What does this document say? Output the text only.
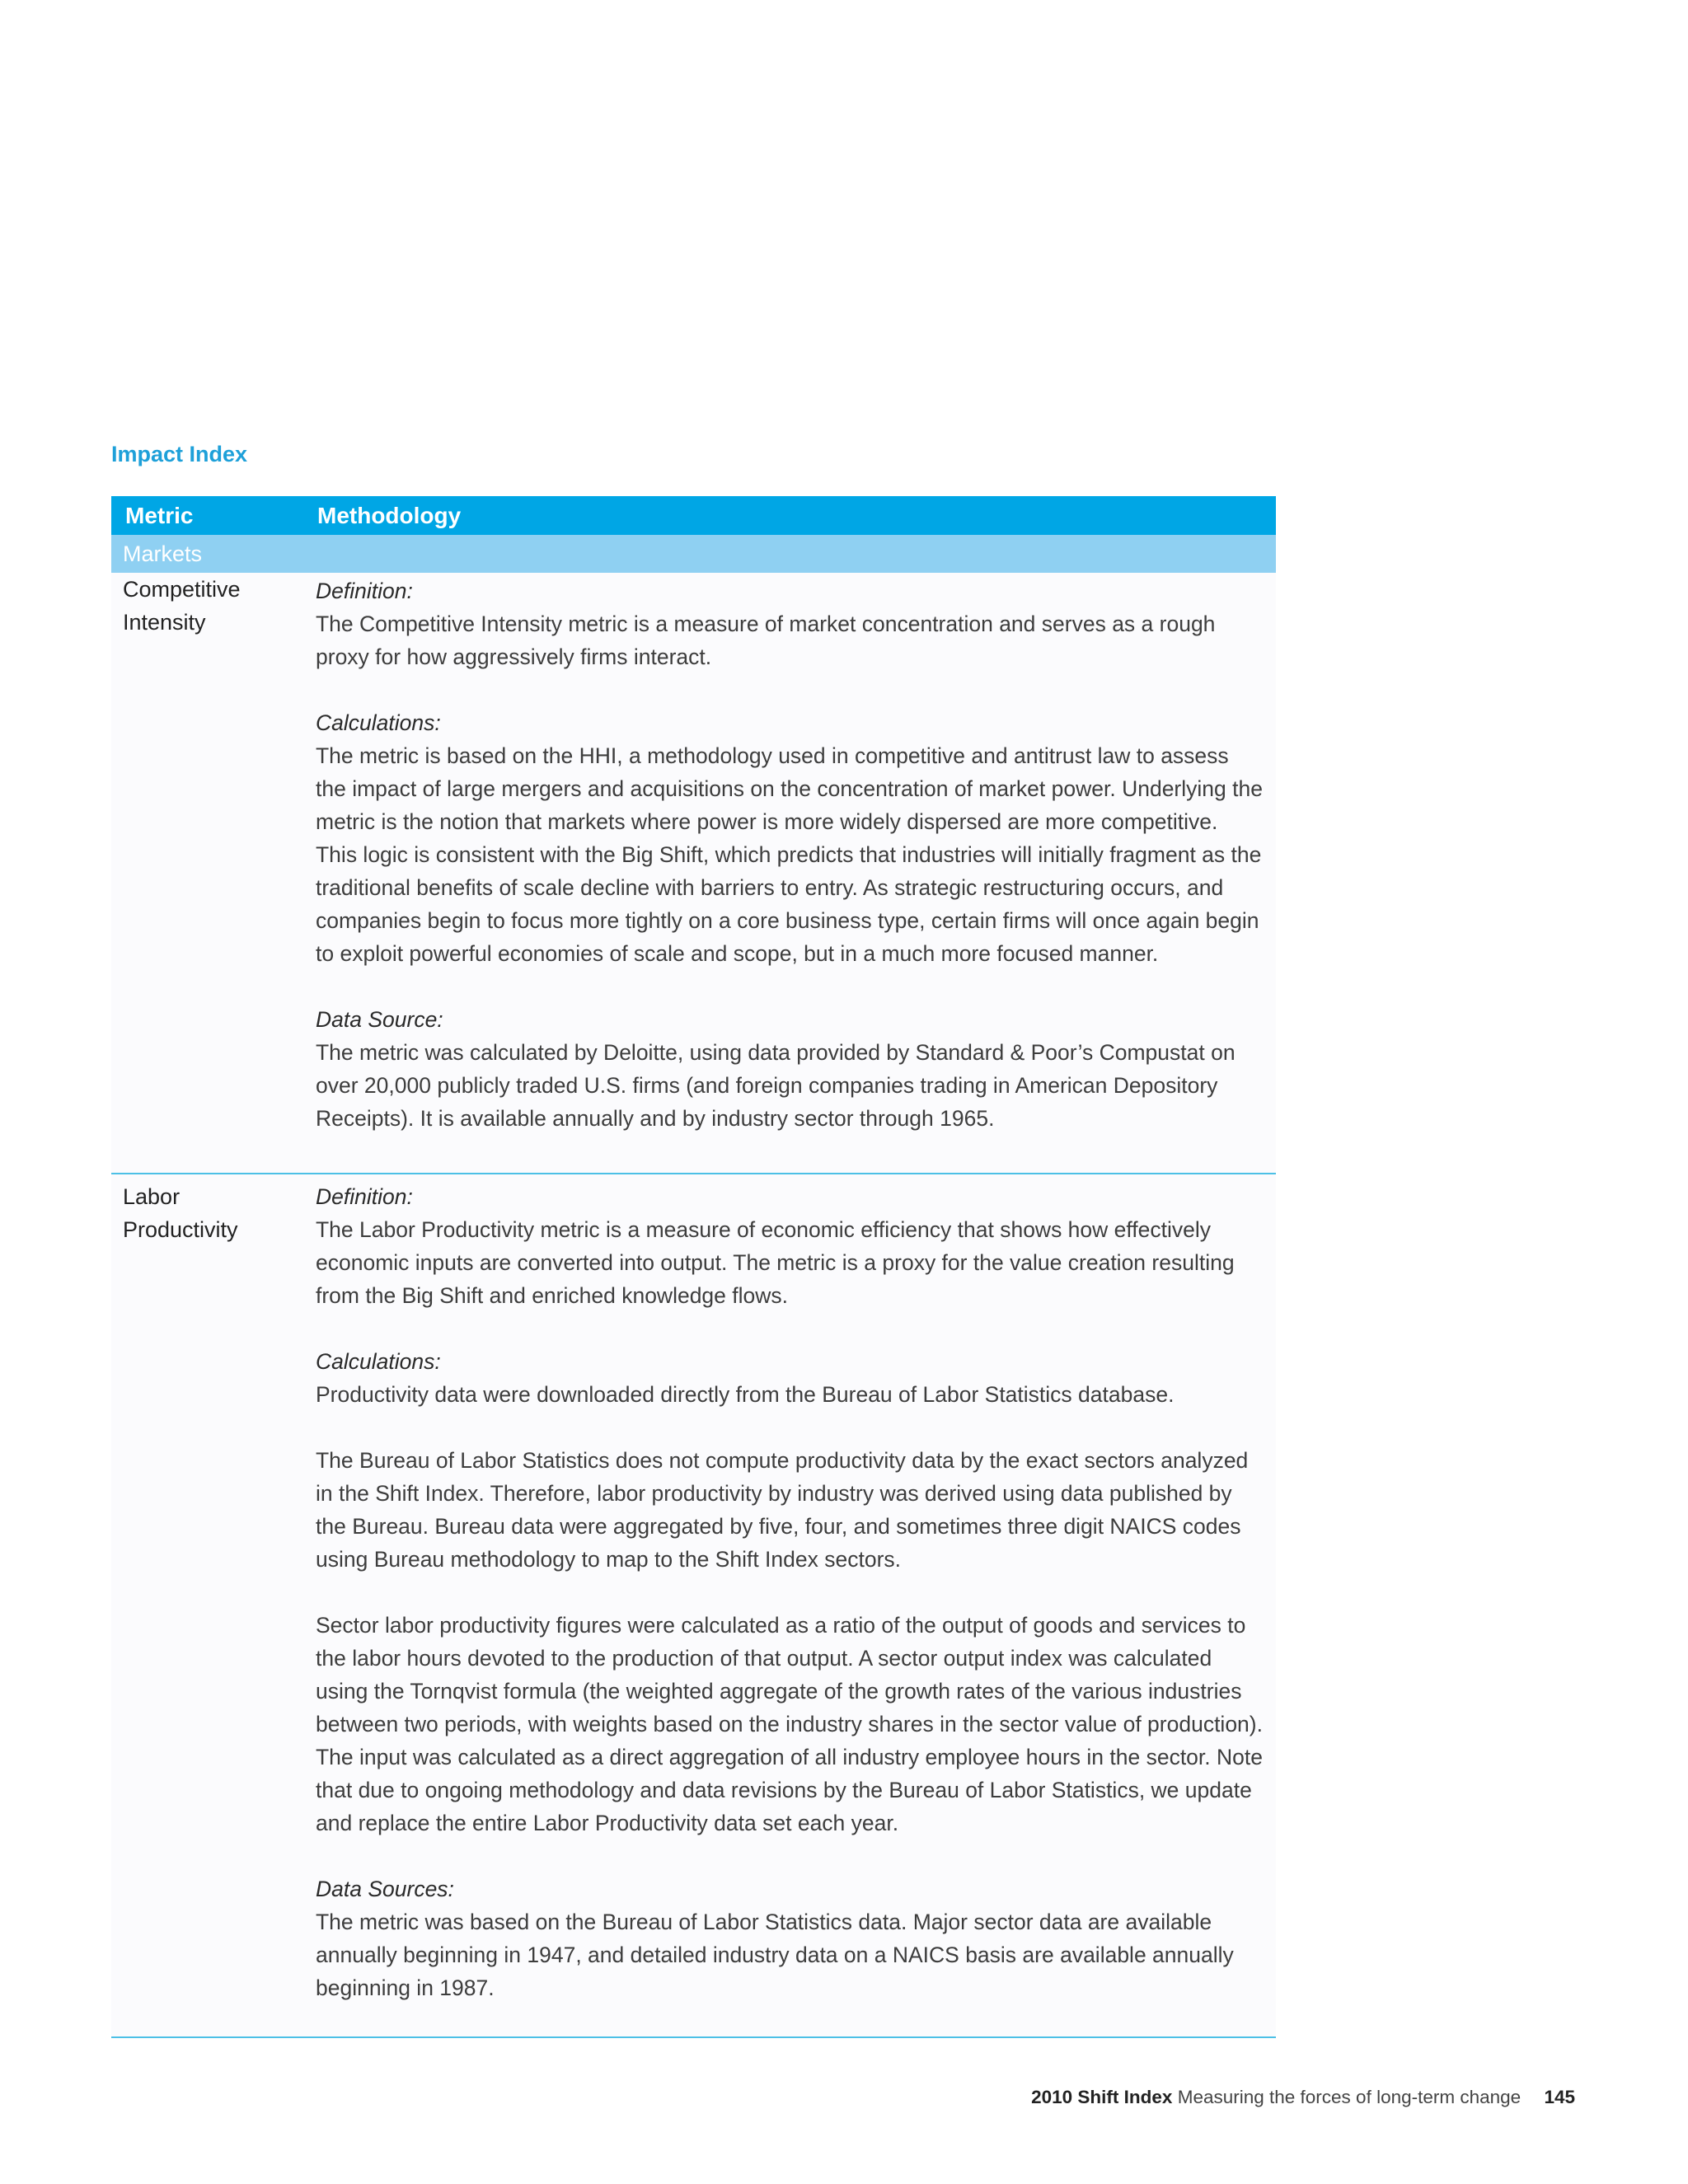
Impact Index
Metric	Methodology
Markets
Competitive
Intensity
Definition:
The Competitive Intensity metric is a measure of market concentration and serves as a rough proxy for how aggressively firms interact.
Calculations:
The metric is based on the HHI, a methodology used in competitive and antitrust law to assess the impact of large mergers and acquisitions on the concentration of market power. Underlying the metric is the notion that markets where power is more widely dispersed are more competitive. This logic is consistent with the Big Shift, which predicts that industries will initially fragment as the traditional benefits of scale decline with barriers to entry. As strategic restructuring occurs, and companies begin to focus more tightly on a core business type, certain firms will once again begin to exploit powerful economies of scale and scope, but in a much more focused manner.
Data Source:
The metric was calculated by Deloitte, using data provided by Standard & Poor’s Compustat on over 20,000 publicly traded U.S. firms (and foreign companies trading in American Depository Receipts). It is available annually and by industry sector through 1965.
Labor
Productivity
Definition:
The Labor Productivity metric is a measure of economic efficiency that shows how effectively economic inputs are converted into output. The metric is a proxy for the value creation resulting from the Big Shift and enriched knowledge flows.
Calculations:
Productivity data were downloaded directly from the Bureau of Labor Statistics database.
The Bureau of Labor Statistics does not compute productivity data by the exact sectors analyzed in the Shift Index. Therefore, labor productivity by industry was derived using data published by the Bureau. Bureau data were aggregated by five, four, and sometimes three digit NAICS codes using Bureau methodology to map to the Shift Index sectors.
Sector labor productivity figures were calculated as a ratio of the output of goods and services to the labor hours devoted to the production of that output. A sector output index was calculated using the Tornqvist formula (the weighted aggregate of the growth rates of the various industries between two periods, with weights based on the industry shares in the sector value of production). The input was calculated as a direct aggregation of all industry employee hours in the sector. Note that due to ongoing methodology and data revisions by the Bureau of Labor Statistics, we update and replace the entire Labor Productivity data set each year.
Data Sources:
The metric was based on the Bureau of Labor Statistics data. Major sector data are available annually beginning in 1947, and detailed industry data on a NAICS basis are available annually beginning in 1987.
2010 Shift Index Measuring the forces of long-term change 145
